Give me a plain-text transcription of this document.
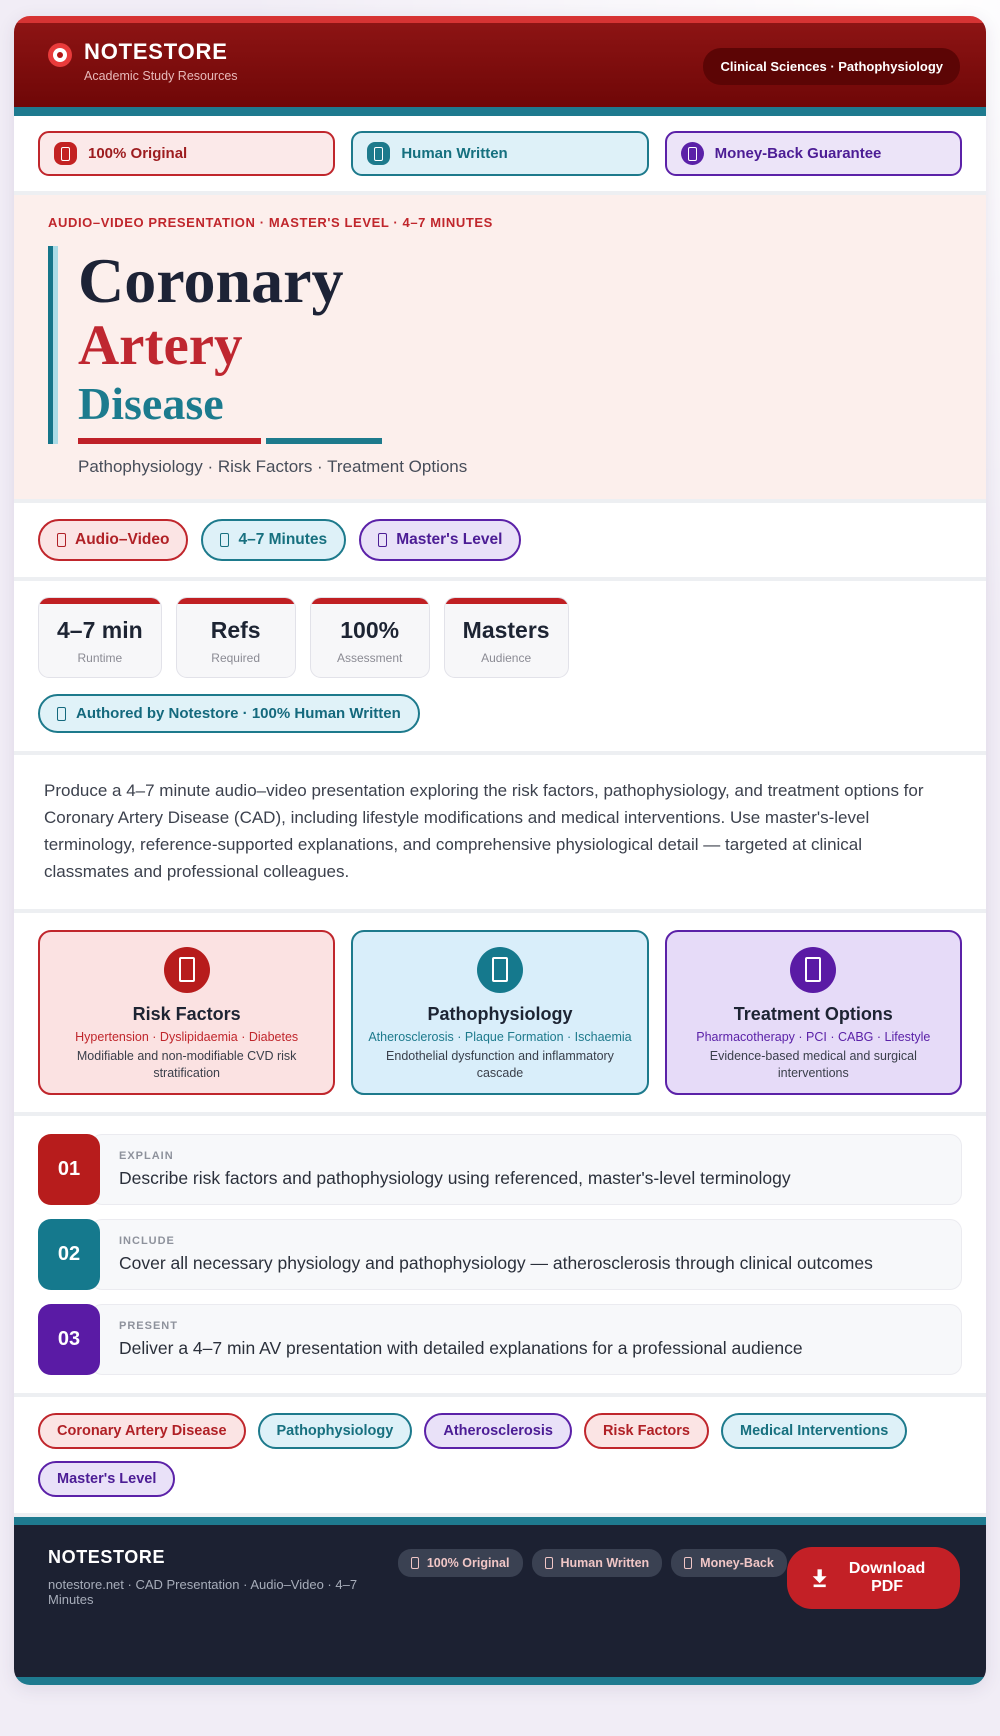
NOTESTORE
Academic Study Resources
Clinical Sciences · Pathophysiology
100% Original	Human Written	Money-Back Guarantee
AUDIO–VIDEO PRESENTATION · MASTER'S LEVEL · 4–7 MINUTES
Coronary
Artery
Disease
Pathophysiology · Risk Factors · Treatment Options
Audio–Video	4–7 Minutes	Master's Level
4–7 min
Runtime
Refs
Required
100%
Assessment
Masters
Audience
Authored by Notestore · 100% Human Written

Produce a 4–7 minute audio–video presentation exploring the risk factors, pathophysiology, and treatment options for Coronary Artery Disease (CAD), including lifestyle modifications and medical interventions. Use master's-level terminology, reference-supported explanations, and comprehensive physiological detail — targeted at clinical classmates and professional colleagues.

Risk Factors
Hypertension · Dyslipidaemia · Diabetes
Modifiable and non-modifiable CVD risk stratification
Pathophysiology
Atherosclerosis · Plaque Formation · Ischaemia
Endothelial dysfunction and inflammatory cascade
Treatment Options
Pharmacotherapy · PCI · CABG · Lifestyle
Evidence-based medical and surgical interventions
01
EXPLAIN
Describe risk factors and pathophysiology using referenced, master's-level terminology
02
INCLUDE
Cover all necessary physiology and pathophysiology — atherosclerosis through clinical outcomes
03
PRESENT
Deliver a 4–7 min AV presentation with detailed explanations for a professional audience
Coronary Artery Disease	Pathophysiology	Atherosclerosis	Risk Factors	Medical Interventions
Master's Level
NOTESTORE
notestore.net · CAD Presentation · Audio–Video · 4–7 Minutes
100% Original	Human Written	Money-Back	Download PDF
